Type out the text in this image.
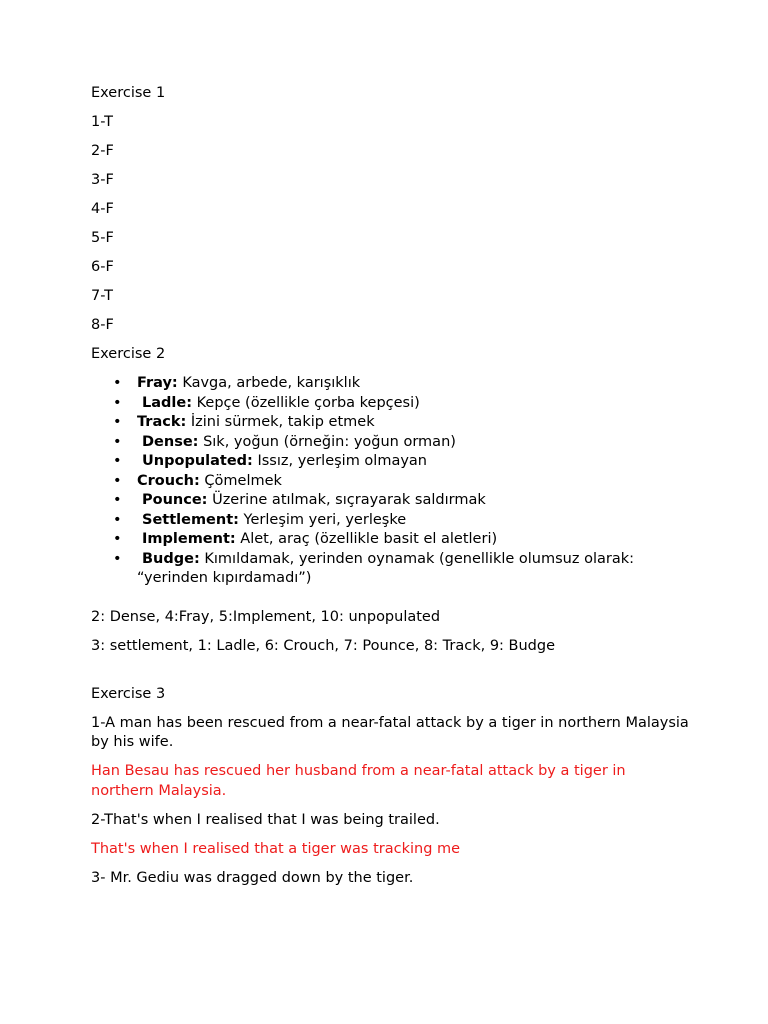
Exercise 1

1-T

2-F

3-F

4-F

5-F

6-F

7-T

8-F

Exercise 2

• Fray: Kavga, arbede, karışıklık
• Ladle: Kepçe (özellikle çorba kepçesi)
• Track: İzini sürmek, takip etmek
• Dense: Sık, yoğun (örneğin: yoğun orman)
• Unpopulated: Issız, yerleşim olmayan
• Crouch: Çömelmek
• Pounce: Üzerine atılmak, sıçrayarak saldırmak
• Settlement: Yerleşim yeri, yerleşke
• Implement: Alet, araç (özellikle basit el aletleri)
• Budge: Kımıldamak, yerinden oynamak (genellikle olumsuz olarak: “yerinden kıpırdamadı”)

2: Dense, 4:Fray, 5:Implement, 10: unpopulated

3: settlement, 1: Ladle, 6: Crouch, 7: Pounce, 8: Track, 9: Budge

Exercise 3

1-A man has been rescued from a near-fatal attack by a tiger in northern Malaysia by his wife.

Han Besau has rescued her husband from a near-fatal attack by a tiger in northern Malaysia.

2-That's when I realised that I was being trailed.

That's when I realised that a tiger was tracking me

3- Mr. Gediu was dragged down by the tiger.
